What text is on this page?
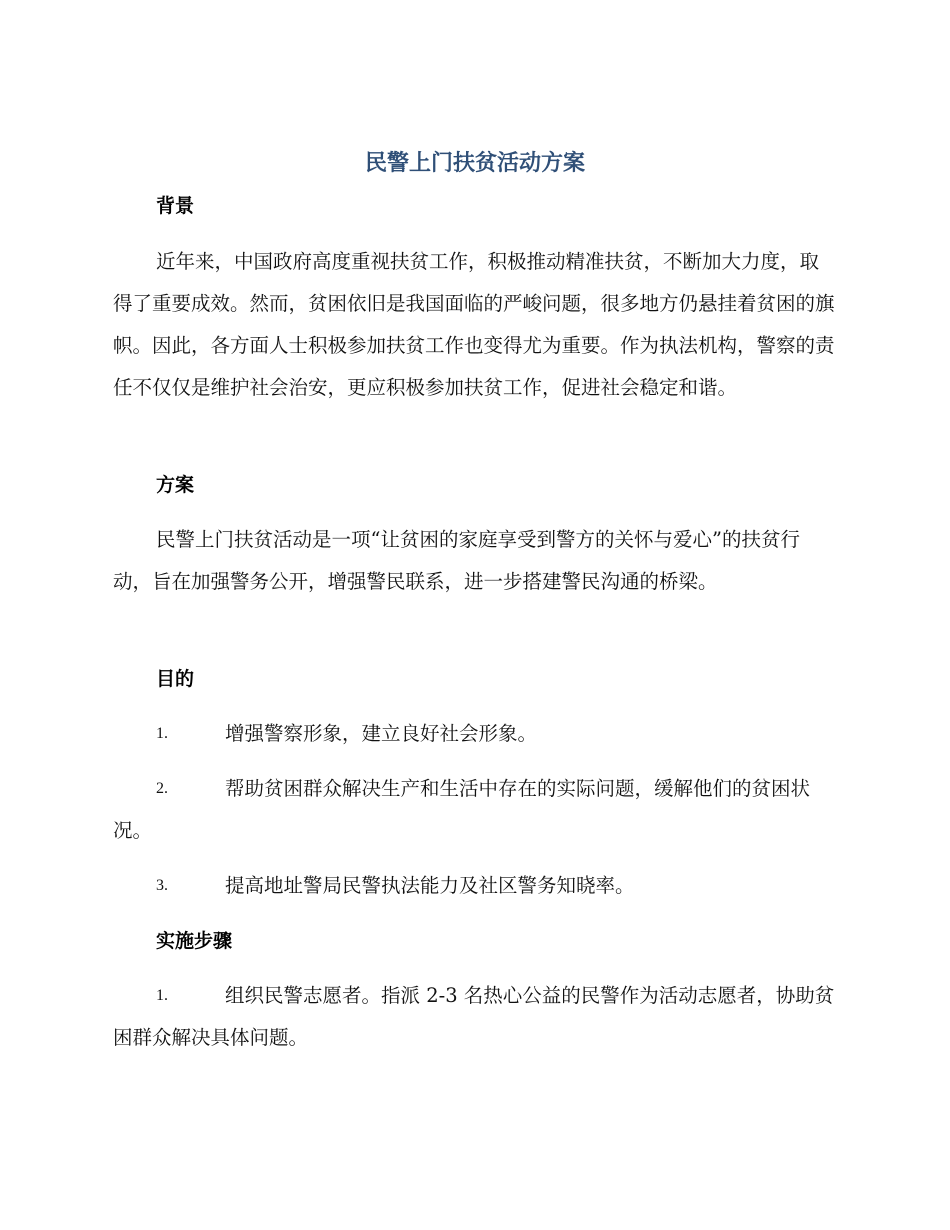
民警上门扶贫活动方案
背景

近年来，中国政府高度重视扶贫工作，积极推动精准扶贫，不断加大力度，取得了重要成效。然而，贫困依旧是我国面临的严峻问题，很多地方仍悬挂着贫困的旗帜。因此，各方面人士积极参加扶贫工作也变得尤为重要。作为执法机构，警察的责任不仅仅是维护社会治安，更应积极参加扶贫工作，促进社会稳定和谐。

方案

民警上门扶贫活动是一项“让贫困的家庭享受到警方的关怀与爱心”的扶贫行动，旨在加强警务公开，增强警民联系，进一步搭建警民沟通的桥梁。

目的
1.	增强警察形象，建立良好社会形象。
2.	帮助贫困群众解决生产和生活中存在的实际问题，缓解他们的贫困状况。
3.	提高地址警局民警执法能力及社区警务知晓率。
实施步骤
1.	组织民警志愿者。指派 2-3 名热心公益的民警作为活动志愿者，协助贫困群众解决具体问题。
